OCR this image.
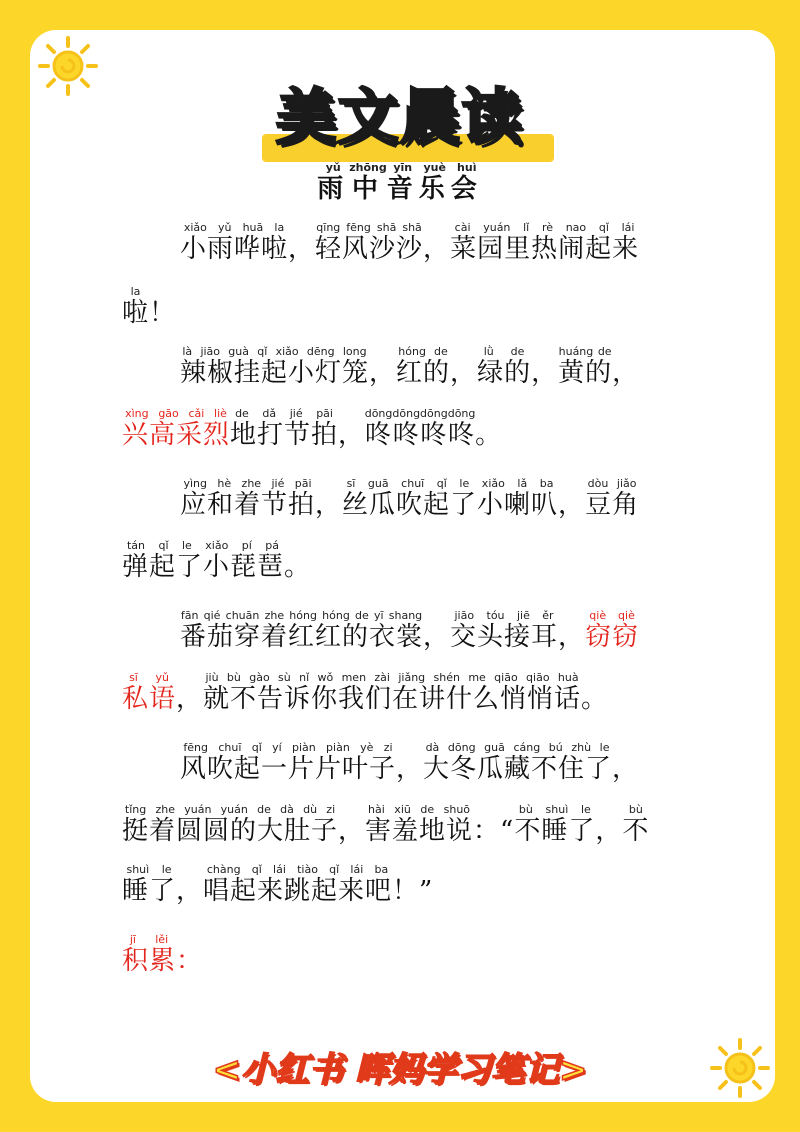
美文晨读
雨yǔ中zhōng音yīn乐yuè会huì
小雨哗啦xiǎo yǔ huā la，轻风沙沙qīng fēng shā shā，菜园里热闹起来cài yuán lǐ rè nao qǐ lái
啦la！
辣椒挂起小灯笼là jiāo guà qǐ xiǎo dēng long，红的hóng de，绿的lǜ de，黄的huáng de，
兴高采烈xìng gāo cǎi liè地打节拍de dǎ jié pāi，咚咚咚咚dōngdōngdōngdōng。
应和着节拍yìng hè zhe jié pāi，丝瓜吹起了小喇叭sī guā chuī qǐ le xiǎo lǎ ba，豆角dòu jiǎo
弹起了小琵琶tán qǐ le xiǎo pí pá。
番茄穿着红红的衣裳fān qié chuān zhe hóng hóng de yī shang，交头接耳jiāo tóu jiē ěr，窃窃qiè qiè
私语sī yǔ，就不告诉你我们在讲什么悄悄话jiù bù gào sù nǐ wǒ men zài jiǎng shén me qiāo qiāo huà。
风吹起一片片叶子fēng chuī qǐ yí piàn piàn yè zi，大冬瓜藏不住了dà dōng guā cáng bú zhù le，
挺着圆圆的大肚子tǐng zhe yuán yuán de dà dù zi，害羞地说hài xiū de shuō：“不睡了bù shuì le，不bù
睡了shuì le，唱起来跳起来吧chàng qǐ lái tiào qǐ lái ba！”
积累jī lěi：
<小红书 晖妈学习笔记>
